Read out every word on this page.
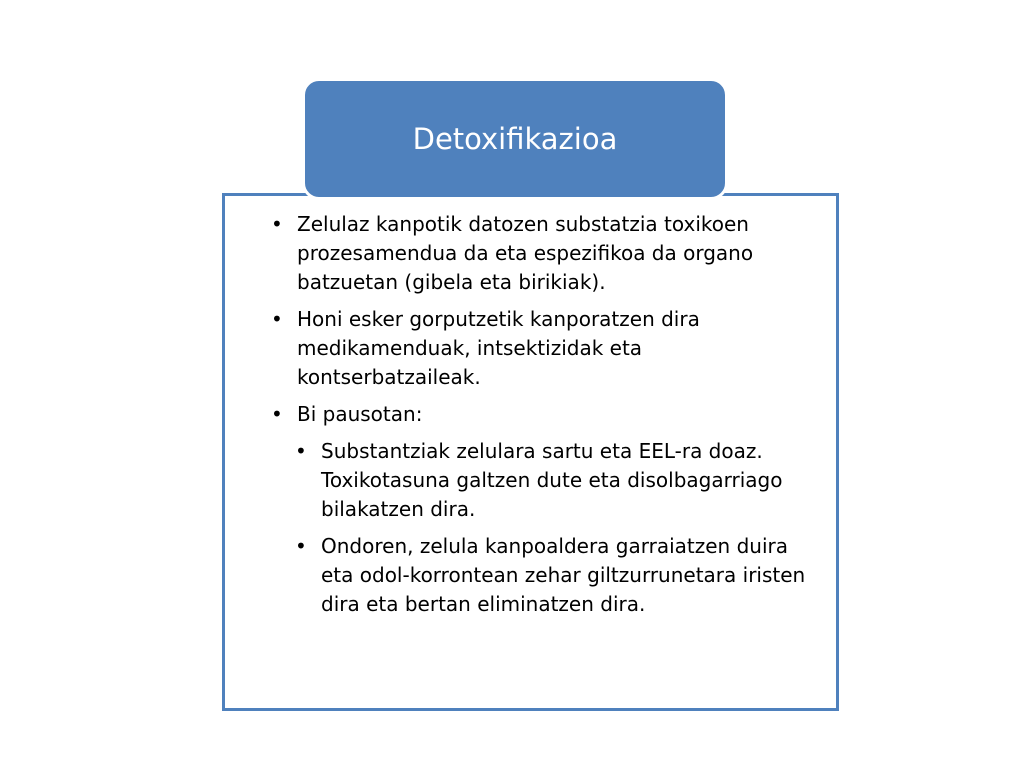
Detoxifikazioa
• Zelulaz kanpotik datozen substatzia toxikoen prozesamendua da eta espezifikoa da organo batzuetan (gibela eta birikiak).
• Honi esker gorputzetik kanporatzen dira medikamenduak, intsektizidak eta kontserbatzaileak.
• Bi pausotan:
• Substantziak zelulara sartu eta EEL-ra doaz. Toxikotasuna galtzen dute eta disolbagarriago bilakatzen dira.
• Ondoren, zelula kanpoaldera garraiatzen duira eta odol-korrontean zehar giltzurrunetara iristen dira eta bertan eliminatzen dira.
